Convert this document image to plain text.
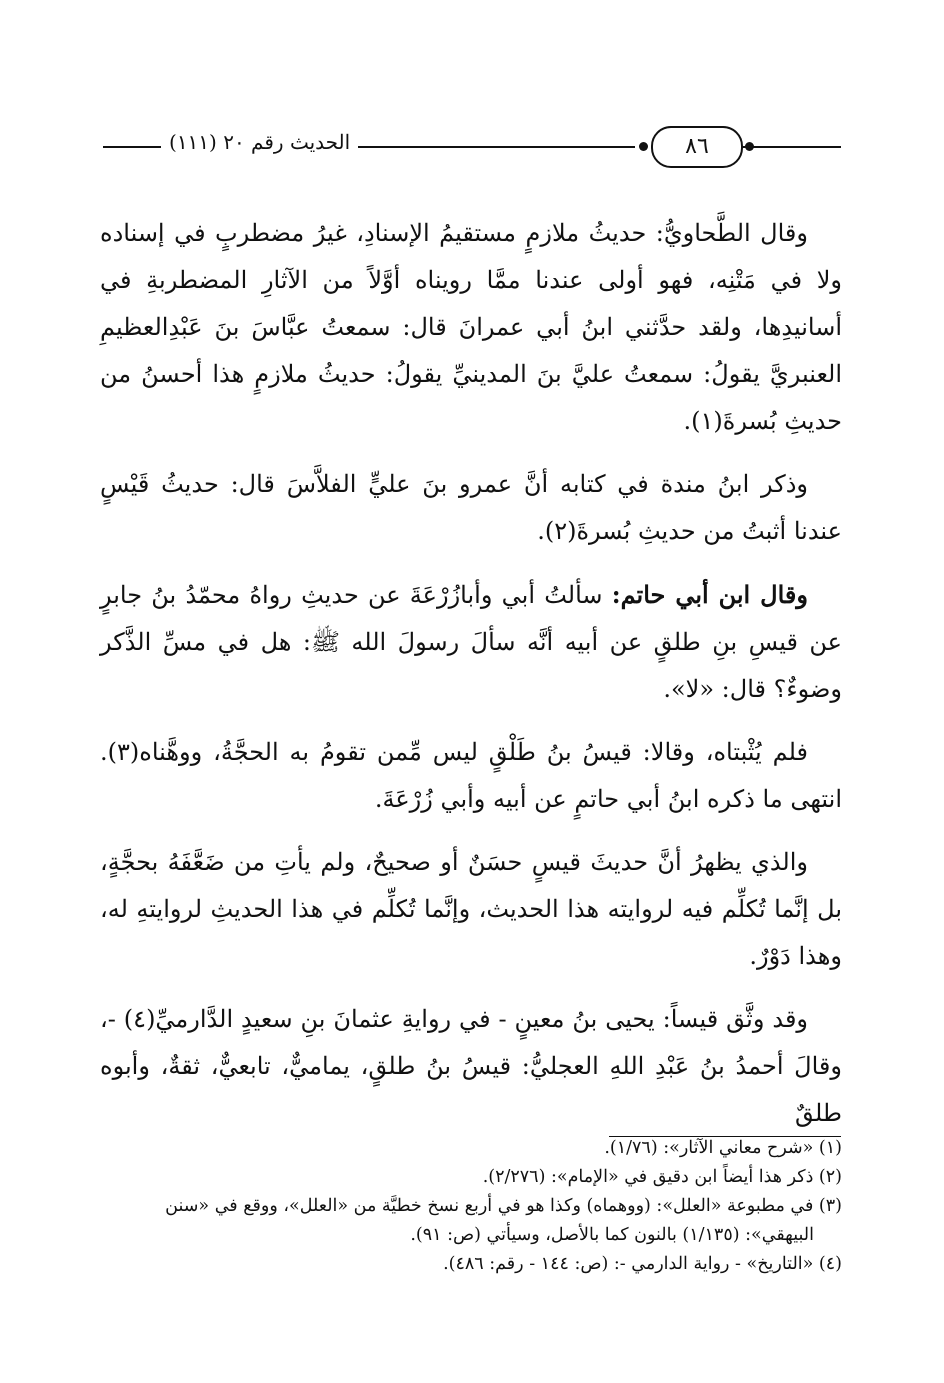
الحديث رقم ٢٠ (١١١)	٨٦

وقال الطَّحاويُّ: حديثُ ملازمٍ مستقيمُ الإسنادِ، غيرُ مضطربٍ في إسناده ولا في مَتْنِه، فهو أولى عندنا ممَّا رويناه أوَّلاً من الآثارِ المضطربةِ في أسانيدِها، ولقد حدَّثني ابنُ أبي عمرانَ قال: سمعتُ عبَّاسَ بنَ عَبْدِالعظيمِ العنبريَّ يقولُ: سمعتُ عليَّ بنَ المدينيِّ يقولُ: حديثُ ملازمٍ هذا أحسنُ من حديثِ بُسرةَ(١).

وذكر ابنُ مندة في كتابه أنَّ عمرو بنَ عليٍّ الفلاَّسَ قال: حديثُ قَيْسٍ عندنا أثبتُ من حديثِ بُسرةَ(٢).

وقال ابن أبي حاتم: سألتُ أبي وأبازُرْعَةَ عن حديثِ رواهُ محمّدُ بنُ جابرٍ عن قيسِ بنِ طلقٍ عن أبيه أنَّه سألَ رسولَ الله ﷺ: هل في مسِّ الذَّكر وضوءٌ؟ قال: «لا».

فلم يُثْبتاه، وقالا: قيسُ بنُ طَلْقٍ ليس مِّمن تقومُ به الحجَّةُ، ووهَّناه(٣). انتهى ما ذكره ابنُ أبي حاتمٍ عن أبيه وأبي زُرْعَةَ.

والذي يظهرُ أنَّ حديثَ قيسٍ حسَنٌ أو صحيحٌ، ولم يأتِ من ضَعَّفَهُ بحجَّةٍ، بل إنَّما تُكلِّم فيه لروايته هذا الحديث، وإنَّما تُكلِّم في هذا الحديثِ لروايتهِ له، وهذا دَوْرٌ.

وقد وثَّق قيساً: يحيى بنُ معينٍ - في روايةِ عثمانَ بنِ سعيدٍ الدَّارميِّ(٤) -، وقالَ أحمدُ بنُ عَبْدِ اللهِ العجليُّ: قيسُ بنُ طلقٍ، يماميٌّ، تابعيٌّ، ثقةٌ، وأبوه طلقٌ

(١) «شرح معاني الآثار»: (١/٧٦).

(٢) ذكر هذا أيضاً ابن دقيق في «الإمام»: (٢/٢٧٦).

(٣) في مطبوعة «العلل»: (ووهماه) وكذا هو في أربع نسخ خطيَّة من «العلل»، ووقع في «سنن البيهقي»: (١/١٣٥) بالنون كما بالأصل، وسيأتي (ص: ٩١).

(٤) «التاريخ» - رواية الدارمي -: (ص: ١٤٤ - رقم: ٤٨٦).
